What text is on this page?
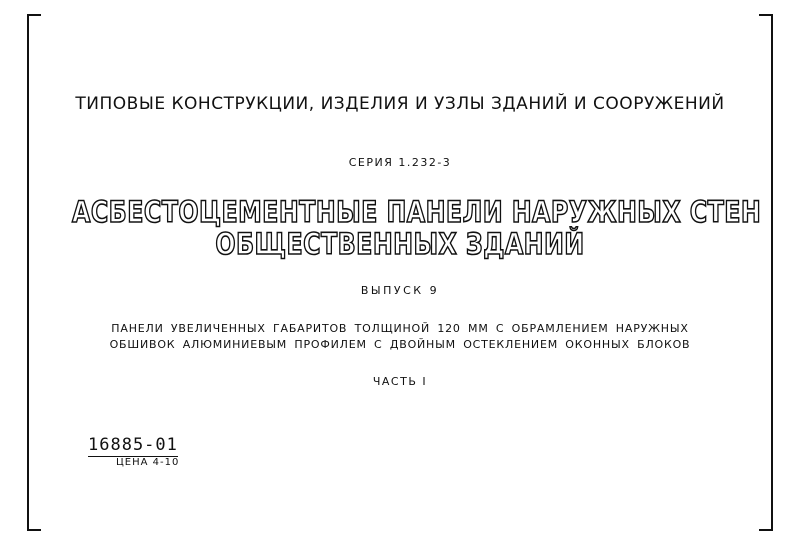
ТИПОВЫЕ КОНСТРУКЦИИ, ИЗДЕЛИЯ И УЗЛЫ ЗДАНИЙ И СООРУЖЕНИЙ
СЕРИЯ 1.232-3
АСБЕСТОЦЕМЕНТНЫЕ ПАНЕЛИ НАРУЖНЫХ СТЕН
ОБЩЕСТВЕННЫХ ЗДАНИЙ
ВЫПУСК 9
ПАНЕЛИ УВЕЛИЧЕННЫХ ГАБАРИТОВ ТОЛЩИНОЙ 120 ММ С ОБРАМЛЕНИЕМ НАРУЖНЫХ
ОБШИВОК АЛЮМИНИЕВЫМ ПРОФИЛЕМ С ДВОЙНЫМ ОСТЕКЛЕНИЕМ ОКОННЫХ БЛОКОВ
ЧАСТЬ I
16885-01
ЦЕНА 4-10
